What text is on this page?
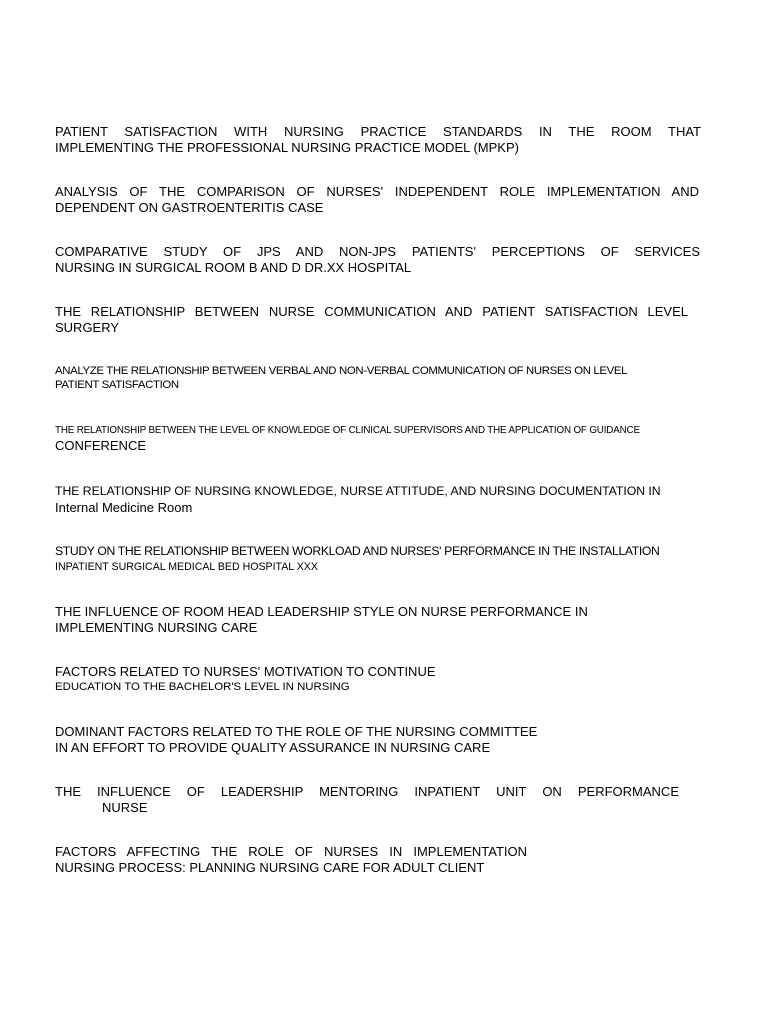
PATIENT SATISFACTION WITH NURSING PRACTICE STANDARDS IN THE ROOM THAT
IMPLEMENTING THE PROFESSIONAL NURSING PRACTICE MODEL (MPKP)
ANALYSIS OF THE COMPARISON OF NURSES' INDEPENDENT ROLE IMPLEMENTATION AND
DEPENDENT ON GASTROENTERITIS CASE
COMPARATIVE STUDY OF JPS AND NON-JPS PATIENTS' PERCEPTIONS OF SERVICES
NURSING IN SURGICAL ROOM B AND D DR.XX HOSPITAL
THE RELATIONSHIP BETWEEN NURSE COMMUNICATION AND PATIENT SATISFACTION LEVEL
SURGERY
ANALYZE THE RELATIONSHIP BETWEEN VERBAL AND NON-VERBAL COMMUNICATION OF NURSES ON LEVEL
PATIENT SATISFACTION
THE RELATIONSHIP BETWEEN THE LEVEL OF KNOWLEDGE OF CLINICAL SUPERVISORS AND THE APPLICATION OF GUIDANCE
CONFERENCE
THE RELATIONSHIP OF NURSING KNOWLEDGE, NURSE ATTITUDE, AND NURSING DOCUMENTATION IN
Internal Medicine Room
STUDY ON THE RELATIONSHIP BETWEEN WORKLOAD AND NURSES' PERFORMANCE IN THE INSTALLATION
INPATIENT SURGICAL MEDICAL BED HOSPITAL XXX
THE INFLUENCE OF ROOM HEAD LEADERSHIP STYLE ON NURSE PERFORMANCE IN
IMPLEMENTING NURSING CARE
FACTORS RELATED TO NURSES' MOTIVATION TO CONTINUE
EDUCATION TO THE BACHELOR'S LEVEL IN NURSING
DOMINANT FACTORS RELATED TO THE ROLE OF THE NURSING COMMITTEE
IN AN EFFORT TO PROVIDE QUALITY ASSURANCE IN NURSING CARE
THE INFLUENCE OF LEADERSHIP MENTORING INPATIENT UNIT ON PERFORMANCE
NURSE
FACTORS AFFECTING THE ROLE OF NURSES IN IMPLEMENTATION
NURSING PROCESS: PLANNING NURSING CARE FOR ADULT CLIENT
